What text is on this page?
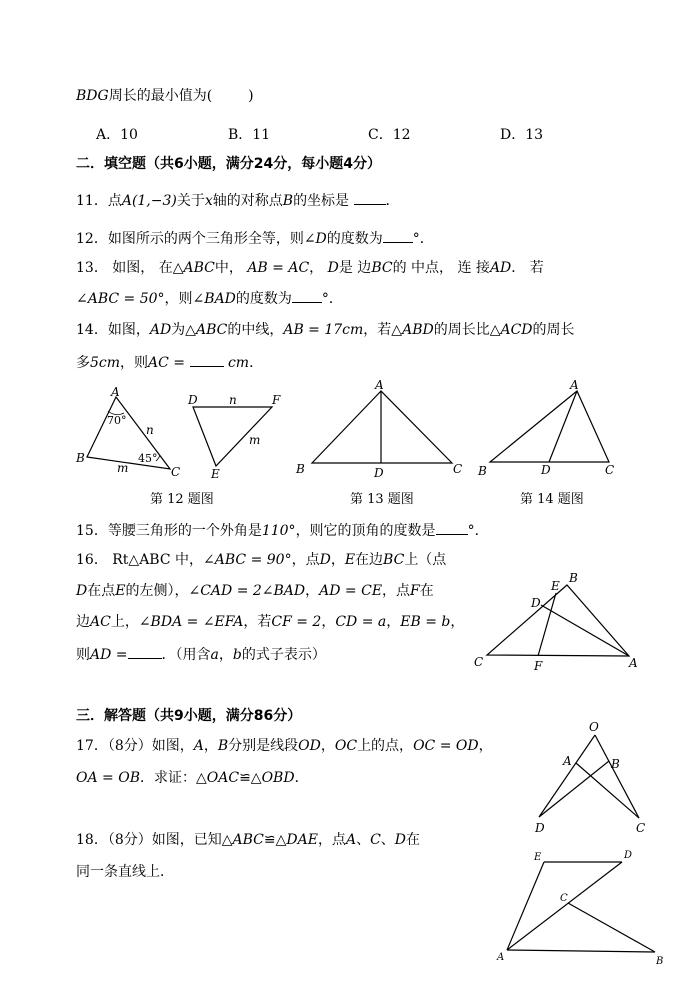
BDG周长的最小值为(	)
A．10	B．11	C．12	D．13
二．填空题（共6小题，满分24分，每小题4分）
11．点A(1,−3)关于x轴的对称点B的坐标是	．
12．如图所示的两个三角形全等，则∠D的度数为 °．
13． 如图， 在△ABC中， AB = AC， D是 边BC的 中点， 连 接AD． 若
∠ABC = 50°，则∠BAD的度数为 °．
14．如图，AD为△ABC的中线，AB = 17cm，若△ABD的周长比△ACD的周长
多5cm，则AC =	cm．
A
B
C
70°
45°
n
m
D	F
E
n
m
第 12 题图
A
B	C
D
第 13 题图
A
B	C
D
第 14 题图
15．等腰三角形的一个外角是110°，则它的顶角的度数是 °．
16． Rt△ABC 中，∠ABC = 90°，点D，E在边BC上（点
D在点E的左侧），∠CAD = 2∠BAD，AD = CE，点F在
边AC上，∠BDA = ∠EFA，若CF = 2，CD = a，EB = b，
则AD = ．（用含a，b的式子表示）
E
B
D
C	F	A
三．解答题（共9小题，满分86分）
17．（8分）如图，A，B分别是线段OD，OC上的点，OC = OD，
OA = OB．求证：△OAC≌△OBD．
O
A	B
D	C
18．（8分）如图，已知△ABC≌△DAE，点A、C、D在
同一条直线上．
E	D
C
A	B
